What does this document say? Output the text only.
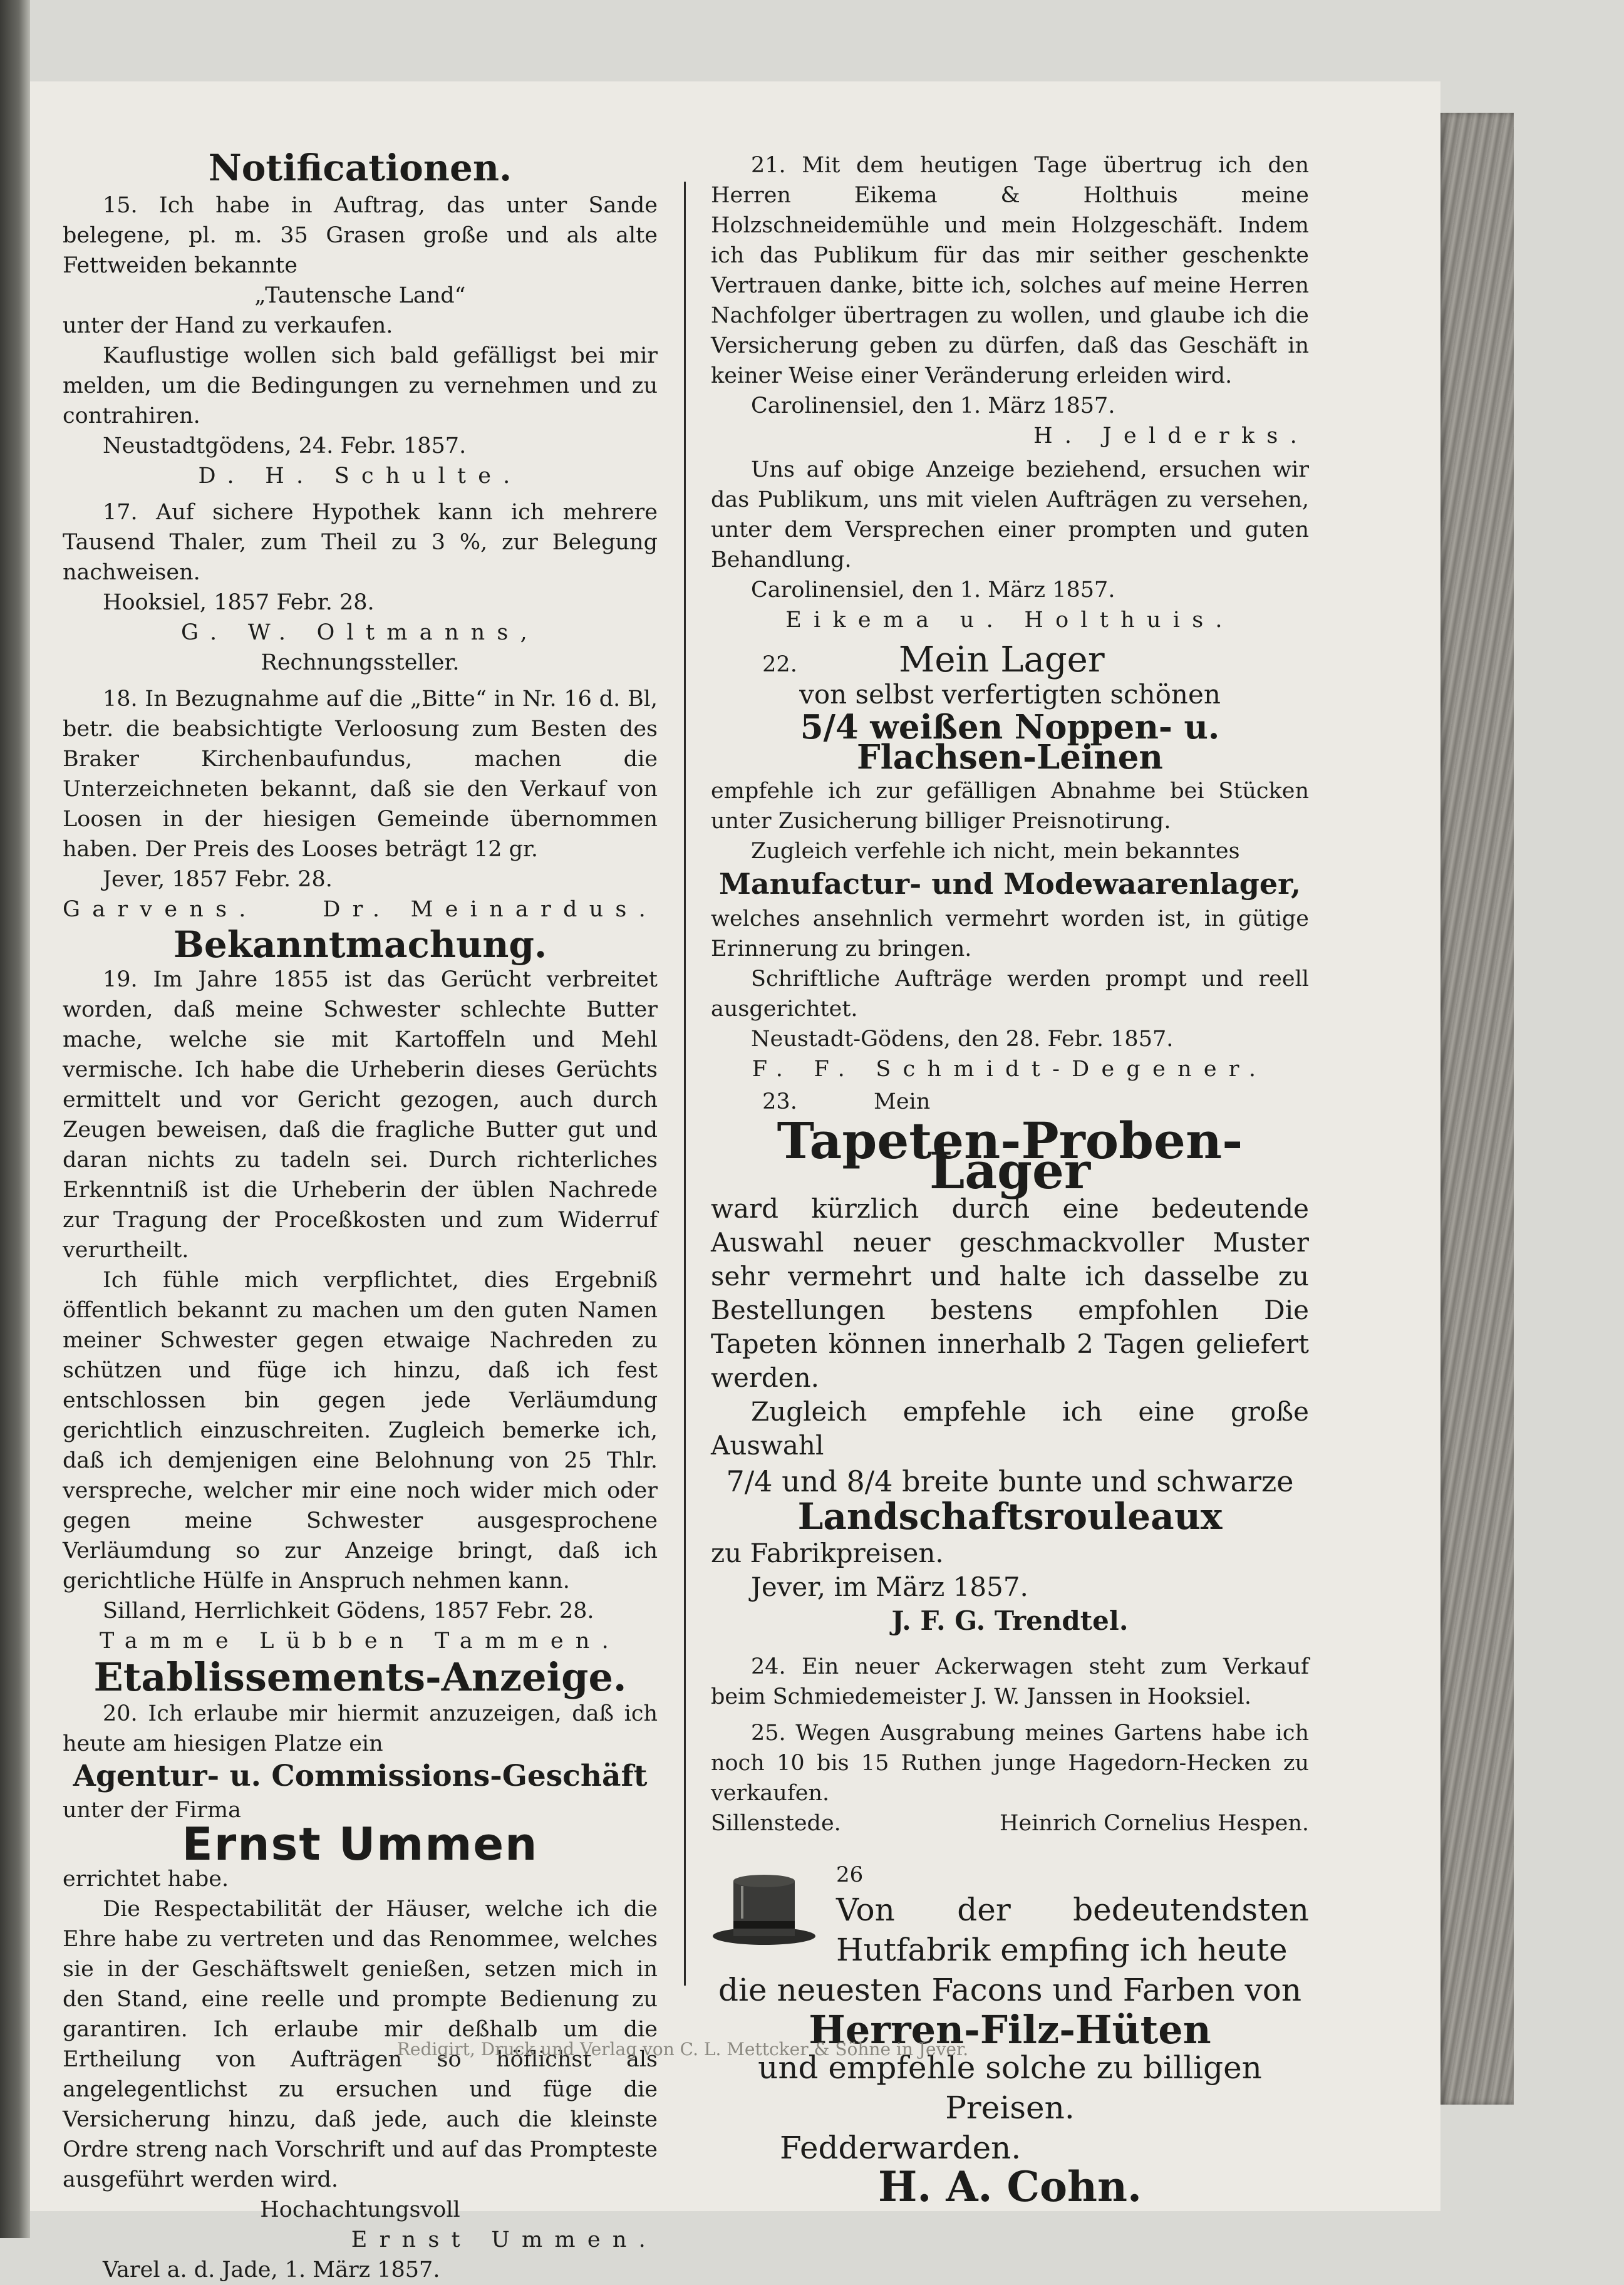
Notificationen.

15. Ich habe in Auftrag, das unter Sande belegene, pl. m. 35 Grasen große und als alte Fettweiden bekannte

„Tautensche Land“

unter der Hand zu verkaufen.

Kauflustige wollen sich bald gefälligst bei mir melden, um die Bedingungen zu vernehmen und zu contrahiren.

Neustadtgödens, 24. Febr. 1857.

D. H. Schulte.

17. Auf sichere Hypothek kann ich mehrere Tausend Thaler, zum Theil zu 3 %, zur Belegung nachweisen.

Hooksiel, 1857 Febr. 28.

G. W. Oltmanns,

Rechnungssteller.

18. In Bezugnahme auf die „Bitte“ in Nr. 16 d. Bl, betr. die beabsichtigte Verloosung zum Besten des Braker Kirchenbaufundus, machen die Unterzeichneten bekannt, daß sie den Verkauf von Loosen in der hiesigen Gemeinde übernommen haben. Der Preis des Looses beträgt 12 gr.

Jever, 1857 Febr. 28.

Garvens.	Dr. Meinardus.

Bekanntmachung.

19. Im Jahre 1855 ist das Gerücht verbreitet worden, daß meine Schwester schlechte Butter mache, welche sie mit Kartoffeln und Mehl vermische. Ich habe die Urheberin dieses Gerüchts ermittelt und vor Gericht gezogen, auch durch Zeugen beweisen, daß die fragliche Butter gut und daran nichts zu tadeln sei. Durch richterliches Erkenntniß ist die Urheberin der üblen Nachrede zur Tragung der Proceßkosten und zum Widerruf verurtheilt.

Ich fühle mich verpflichtet, dies Ergebniß öffentlich bekannt zu machen um den guten Namen meiner Schwester gegen etwaige Nachreden zu schützen und füge ich hinzu, daß ich fest entschlossen bin gegen jede Verläumdung gerichtlich einzuschreiten. Zugleich bemerke ich, daß ich demjenigen eine Belohnung von 25 Thlr. verspreche, welcher mir eine noch wider mich oder gegen meine Schwester ausgesprochene Verläumdung so zur Anzeige bringt, daß ich gerichtliche Hülfe in Anspruch nehmen kann.

Silland, Herrlichkeit Gödens, 1857 Febr. 28.

Tamme Lübben Tammen.

Etablissements-Anzeige.

20. Ich erlaube mir hiermit anzuzeigen, daß ich heute am hiesigen Platze ein

Agentur- u. Commissions-Geschäft

unter der Firma

Ernst Ummen

errichtet habe.

Die Respectabilität der Häuser, welche ich die Ehre habe zu vertreten und das Renommee, welches sie in der Geschäftswelt genießen, setzen mich in den Stand, eine reelle und prompte Bedienung zu garantiren. Ich erlaube mir deßhalb um die Ertheilung von Aufträgen so höflichst als angelegentlichst zu ersuchen und füge die Versicherung hinzu, daß jede, auch die kleinste Ordre streng nach Vorschrift und auf das Prompteste ausgeführt werden wird.

Hochachtungsvoll

Ernst Ummen.

Varel a. d. Jade, 1. März 1857.

21. Mit dem heutigen Tage übertrug ich den Herren Eikema & Holthuis meine Holzschneidemühle und mein Holzgeschäft. Indem ich das Publikum für das mir seither geschenkte Vertrauen danke, bitte ich, solches auf meine Herren Nachfolger übertragen zu wollen, und glaube ich die Versicherung geben zu dürfen, daß das Geschäft in keiner Weise einer Veränderung erleiden wird.

Carolinensiel, den 1. März 1857.

H. Jelderks.

Uns auf obige Anzeige beziehend, ersuchen wir das Publikum, uns mit vielen Aufträgen zu versehen, unter dem Versprechen einer prompten und guten Behandlung.

Carolinensiel, den 1. März 1857.

Eikema u. Holthuis.

22.	Mein Lager

von selbst verfertigten schönen

5/4 weißen Noppen- u. Flachsen-Leinen

empfehle ich zur gefälligen Abnahme bei Stücken unter Zusicherung billiger Preisnotirung.

Zugleich verfehle ich nicht, mein bekanntes

Manufactur- und Modewaarenlager,

welches ansehnlich vermehrt worden ist, in gütige Erinnerung zu bringen.

Schriftliche Aufträge werden prompt und reell ausgerichtet.

Neustadt-Gödens, den 28. Febr. 1857.

F. F. Schmidt-Degener.

23.	Mein
Tapeten-Proben-Lager

ward kürzlich durch eine bedeutende Auswahl neuer geschmackvoller Muster sehr vermehrt und halte ich dasselbe zu Bestellungen bestens empfohlen Die Tapeten können innerhalb 2 Tagen geliefert werden.

Zugleich empfehle ich eine große Auswahl

7/4 und 8/4 breite bunte und schwarze
Landschaftsrouleaux

zu Fabrikpreisen.

Jever, im März 1857.

J. F. G. Trendtel.

24. Ein neuer Ackerwagen steht zum Verkauf beim Schmiedemeister J. W. Janssen in Hooksiel.

25. Wegen Ausgrabung meines Gartens habe ich noch 10 bis 15 Ruthen junge Hagedorn-Hecken zu verkaufen.

Sillenstede.	Heinrich Cornelius Hespen.

26

Von der bedeutendsten Hutfabrik empfing ich heute

die neuesten Facons und Farben von

Herren-Filz-Hüten

und empfehle solche zu billigen Preisen.

Fedderwarden.

H. A. Cohn.
Redigirt, Druck und Verlag von C. L. Mettcker & Söhne in Jever.
